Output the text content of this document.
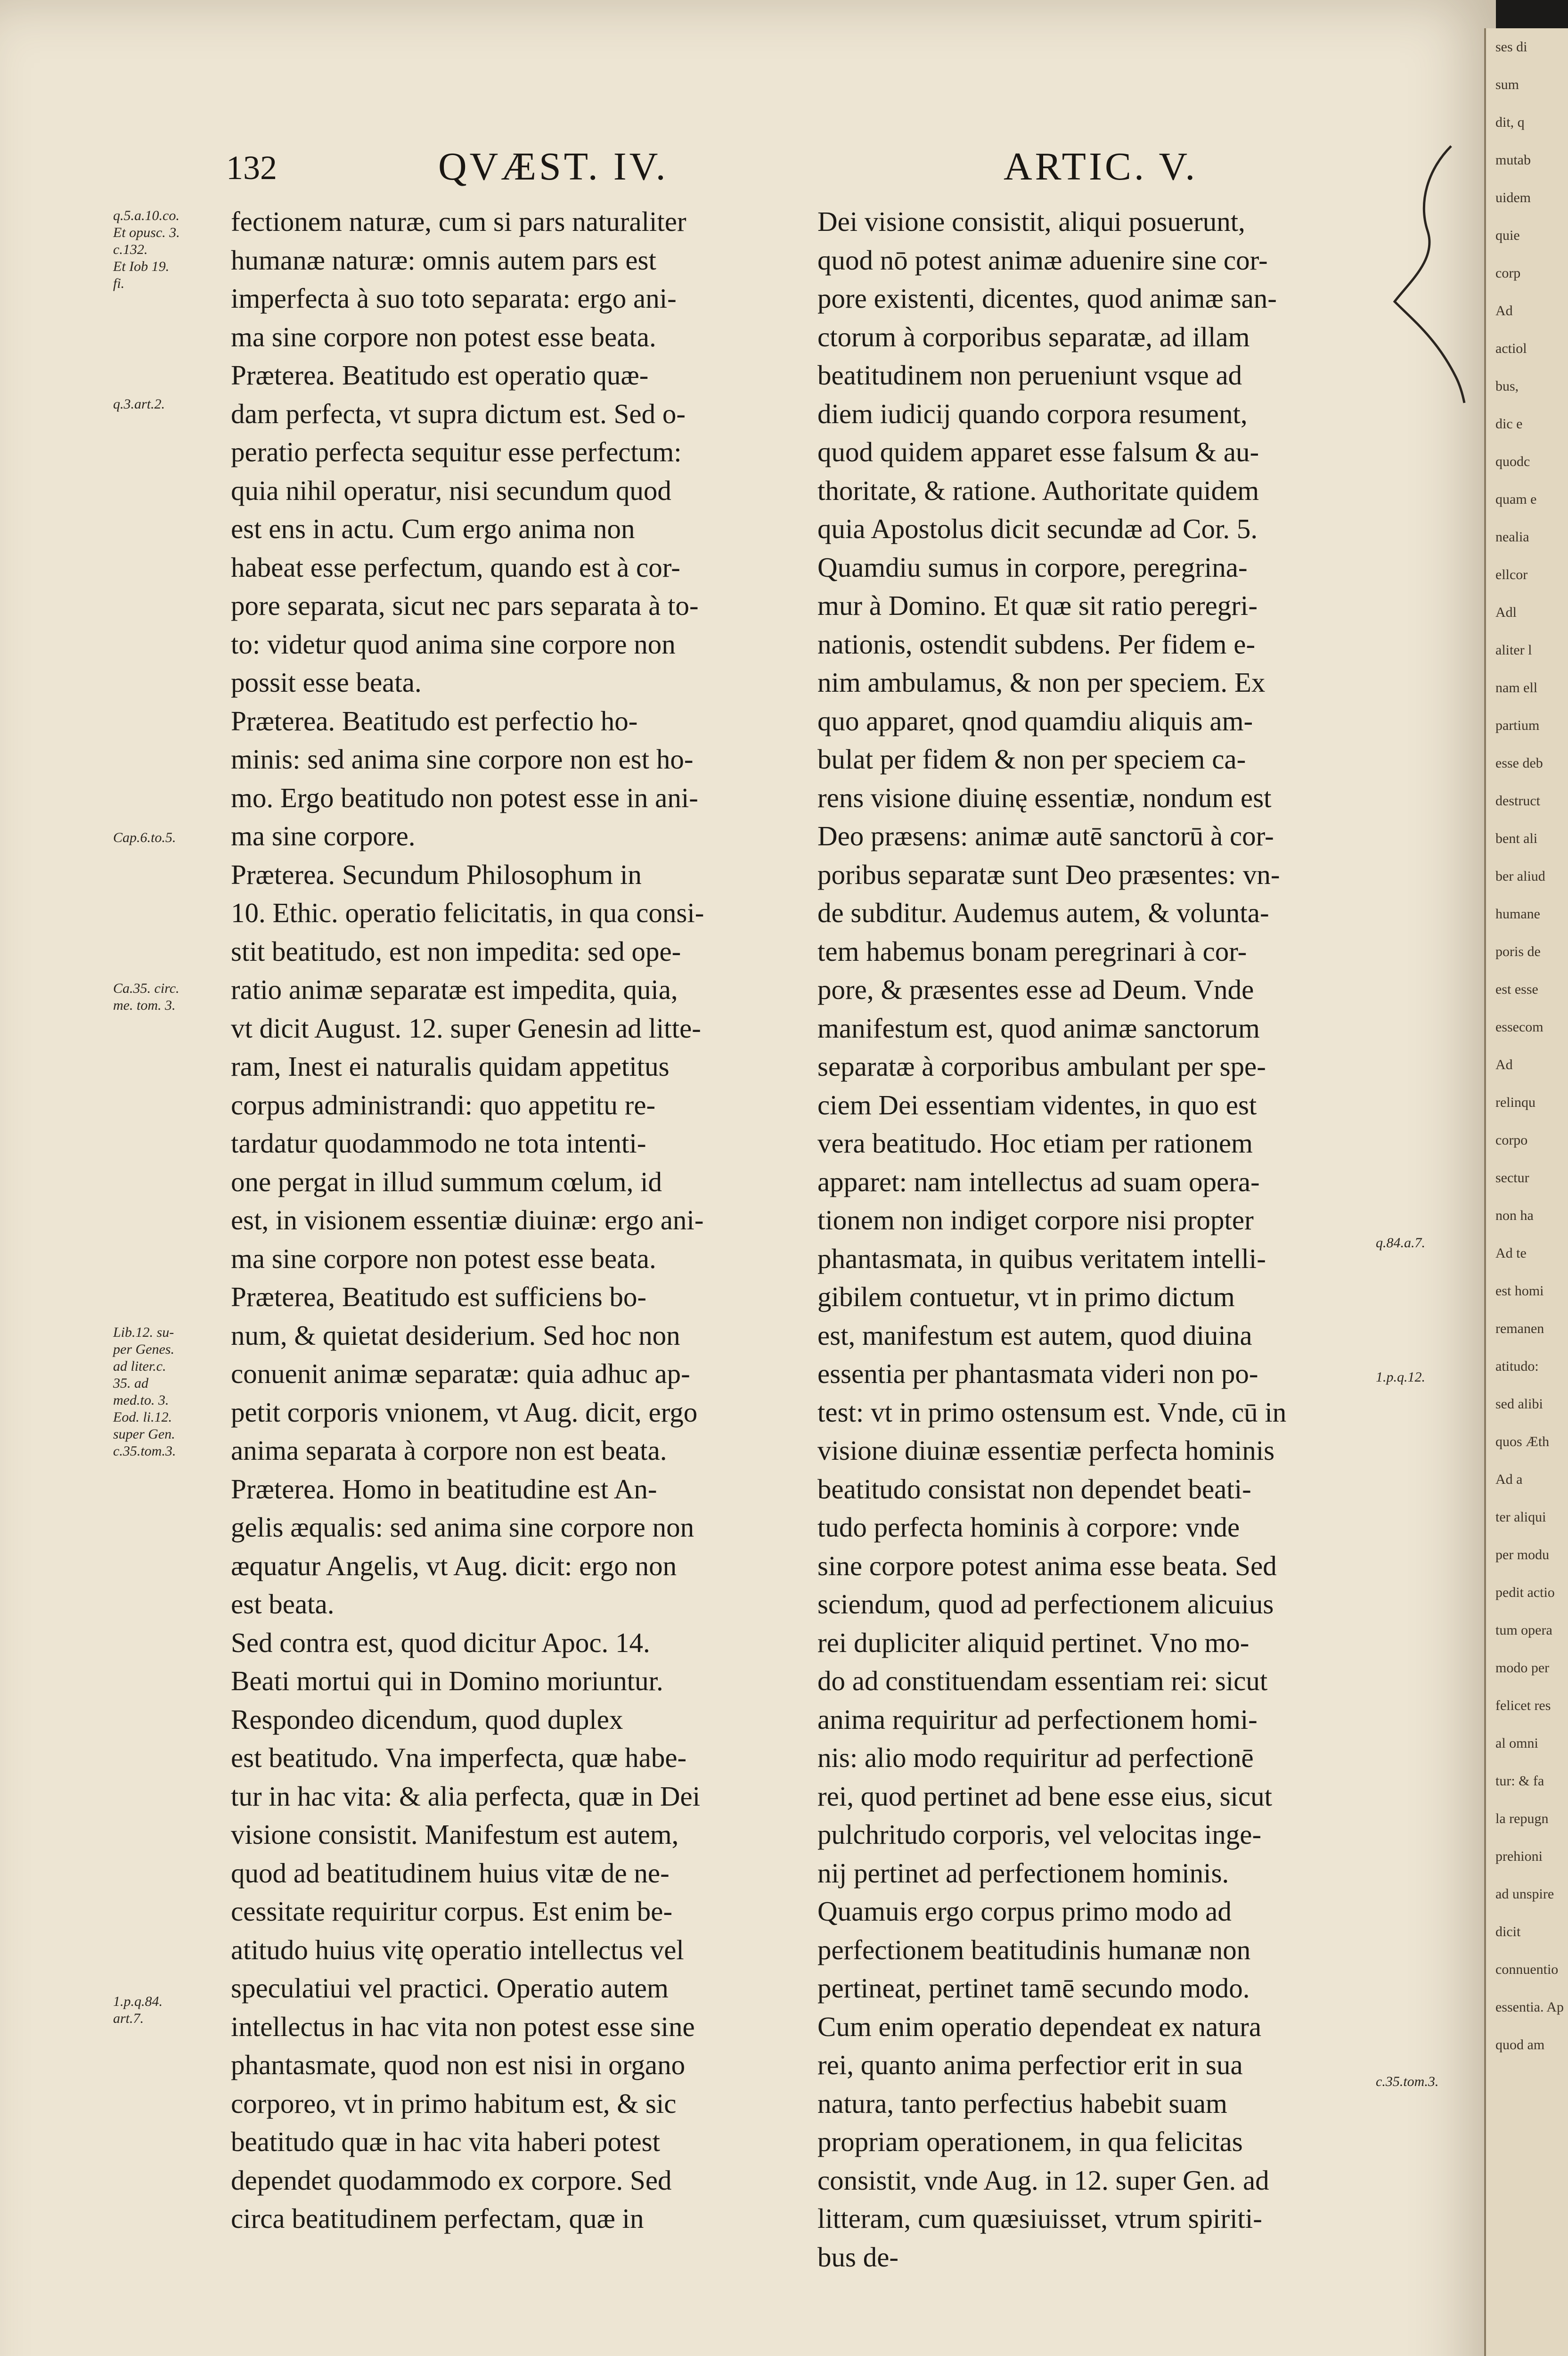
132	QVÆST. IV.	ARTIC. V.
fectionem naturæ, cum si pars naturaliter
humanæ naturæ: omnis autem pars est
imperfecta à suo toto separata: ergo ani-
ma sine corpore non potest esse beata.
Præterea. Beatitudo est operatio quæ-
dam perfecta, vt supra dictum est. Sed o-
peratio perfecta sequitur esse perfectum:
quia nihil operatur, nisi secundum quod
est ens in actu. Cum ergo anima non
habeat esse perfectum, quando est à cor-
pore separata, sicut nec pars separata à to-
to: videtur quod anima sine corpore non
possit esse beata.
Præterea. Beatitudo est perfectio ho-
minis: sed anima sine corpore non est ho-
mo. Ergo beatitudo non potest esse in ani-
ma sine corpore.
Præterea. Secundum Philosophum in
10. Ethic. operatio felicitatis, in qua consi-
stit beatitudo, est non impedita: sed ope-
ratio animæ separatæ est impedita, quia,
vt dicit August. 12. super Genesin ad litte-
ram, Inest ei naturalis quidam appetitus
corpus administrandi: quo appetitu re-
tardatur quodammodo ne tota intenti-
one pergat in illud summum cœlum, id
est, in visionem essentiæ diuinæ: ergo ani-
ma sine corpore non potest esse beata.
Præterea, Beatitudo est sufficiens bo-
num, & quietat desiderium. Sed hoc non
conuenit animæ separatæ: quia adhuc ap-
petit corporis vnionem, vt Aug. dicit, ergo
anima separata à corpore non est beata.
Præterea. Homo in beatitudine est An-
gelis æqualis: sed anima sine corpore non
æquatur Angelis, vt Aug. dicit: ergo non
est beata.
Sed contra est, quod dicitur Apoc. 14.
Beati mortui qui in Domino moriuntur.
Respondeo dicendum, quod duplex
est beatitudo. Vna imperfecta, quæ habe-
tur in hac vita: & alia perfecta, quæ in Dei
visione consistit. Manifestum est autem,
quod ad beatitudinem huius vitæ de ne-
cessitate requiritur corpus. Est enim be-
atitudo huius vitę operatio intellectus vel
speculatiui vel practici. Operatio autem
intellectus in hac vita non potest esse sine
phantasmate, quod non est nisi in organo
corporeo, vt in primo habitum est, & sic
beatitudo quæ in hac vita haberi potest
dependet quodammodo ex corpore. Sed
circa beatitudinem perfectam, quæ in
Dei visione consistit, aliqui posuerunt,
quod nō potest animæ aduenire sine cor-
pore existenti, dicentes, quod animæ san-
ctorum à corporibus separatæ, ad illam
beatitudinem non perueniunt vsque ad
diem iudicij quando corpora resument,
quod quidem apparet esse falsum & au-
thoritate, & ratione. Authoritate quidem
quia Apostolus dicit secundæ ad Cor. 5.
Quamdiu sumus in corpore, peregrina-
mur à Domino. Et quæ sit ratio peregri-
nationis, ostendit subdens. Per fidem e-
nim ambulamus, & non per speciem. Ex
quo apparet, qnod quamdiu aliquis am-
bulat per fidem & non per speciem ca-
rens visione diuinę essentiæ, nondum est
Deo præsens: animæ autē sanctorū à cor-
poribus separatæ sunt Deo præsentes: vn-
de subditur. Audemus autem, & volunta-
tem habemus bonam peregrinari à cor-
pore, & præsentes esse ad Deum. Vnde
manifestum est, quod animæ sanctorum
separatæ à corporibus ambulant per spe-
ciem Dei essentiam videntes, in quo est
vera beatitudo. Hoc etiam per rationem
apparet: nam intellectus ad suam opera-
tionem non indiget corpore nisi propter
phantasmata, in quibus veritatem intelli-
gibilem contuetur, vt in primo dictum
est, manifestum est autem, quod diuina
essentia per phantasmata videri non po-
test: vt in primo ostensum est. Vnde, cū in
visione diuinæ essentiæ perfecta hominis
beatitudo consistat non dependet beati-
tudo perfecta hominis à corpore: vnde
sine corpore potest anima esse beata. Sed
sciendum, quod ad perfectionem alicuius
rei dupliciter aliquid pertinet. Vno mo-
do ad constituendam essentiam rei: sicut
anima requiritur ad perfectionem homi-
nis: alio modo requiritur ad perfectionē
rei, quod pertinet ad bene esse eius, sicut
pulchritudo corporis, vel velocitas inge-
nij pertinet ad perfectionem hominis.
Quamuis ergo corpus primo modo ad
perfectionem beatitudinis humanæ non
pertineat, pertinet tamē secundo modo.
Cum enim operatio dependeat ex natura
rei, quanto anima perfectior erit in sua
natura, tanto perfectius habebit suam
propriam operationem, in qua felicitas
consistit, vnde Aug. in 12. super Gen. ad
litteram, cum quæsiuisset, vtrum spiriti-
bus de-
q.5.a.10.co.
Et opusc. 3.
c.132.
Et Iob 19.
fi.
q.3.art.2.
Cap.6.to.5.
Ca.35. circ.
me. tom. 3.
Lib.12. su-
per Genes.
ad liter.c.
35. ad
med.to. 3.
Eod. li.12.
super Gen.
c.35.tom.3.
1.p.q.84.
art.7.
q.84.a.7.
1.p.q.12.
c.35.tom.3.
ses di
sum
dit, q
mutab
uidem
quie
corp
Ad
actiol
bus,
dic e
quodc
quam e
nealia
ellcor
Adl
aliter l
nam ell
partium
esse deb
destruct
bent ali
ber aliud
humane
poris de
est esse
essecom
Ad
relinqu
corpo
sectur
non ha
Ad te
est homi
remanen
atitudo:
sed alibi
quos Æth
Ad a
ter aliqui
per modu
pedit actio
tum opera
modo per
felicet res
al omni
tur: & fa
la repugn
prehioni
ad unspire
dicit
connuentio
essentia. Ap
quod am
